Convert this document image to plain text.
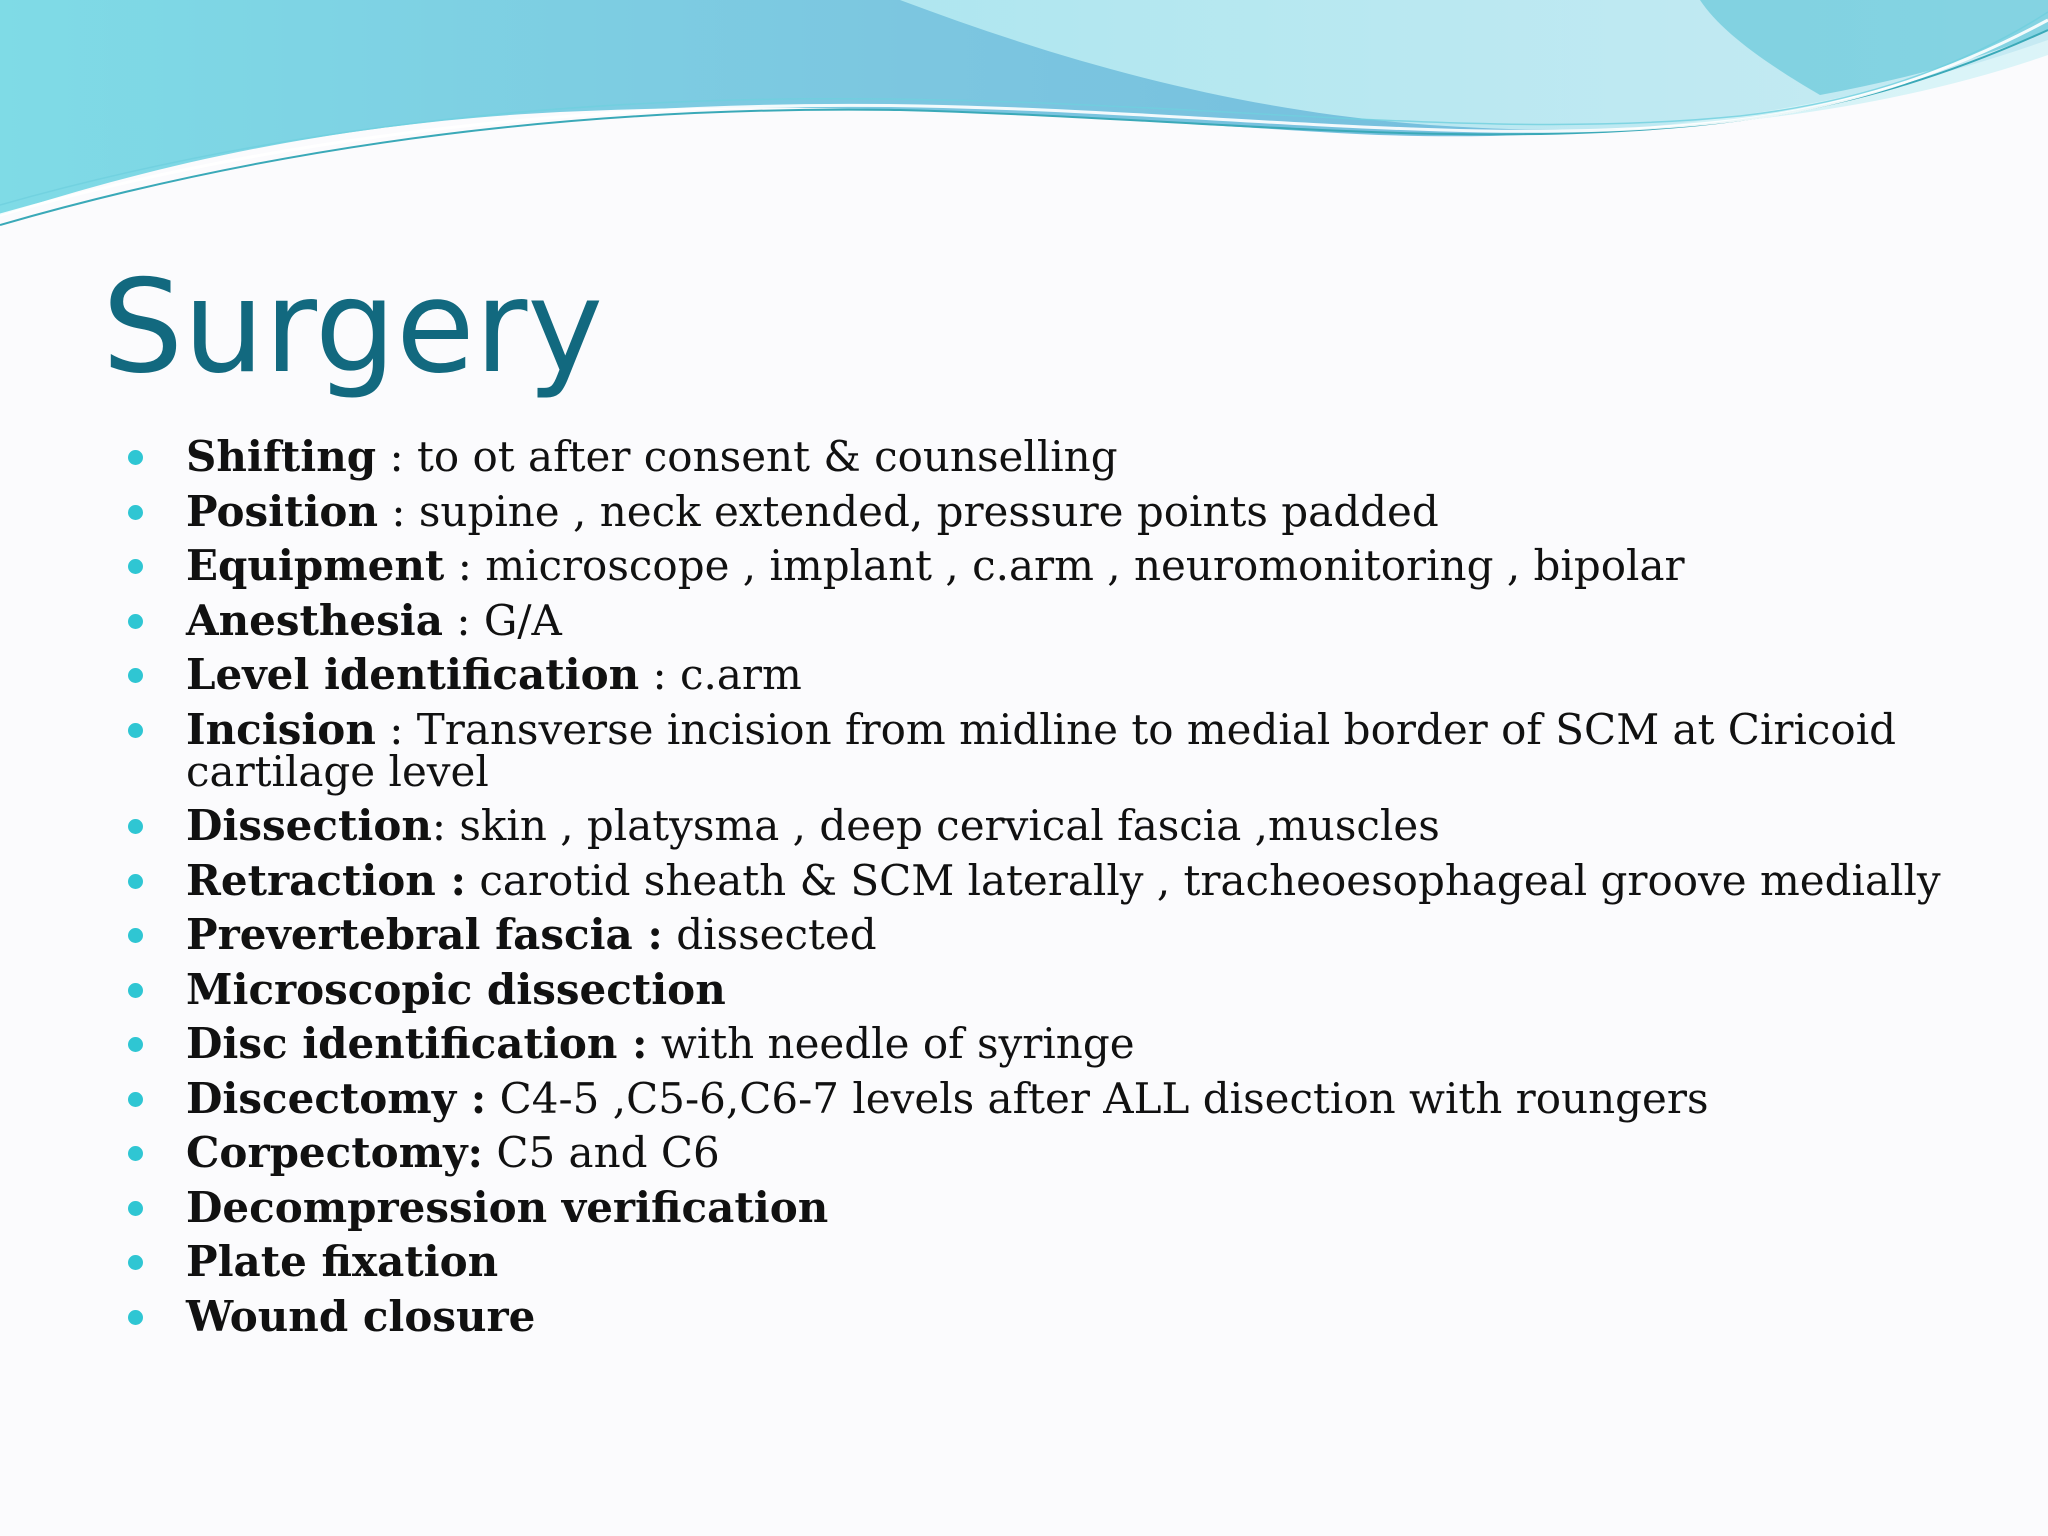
Surgery
Shifting : to ot after consent & counselling
Position : supine , neck extended, pressure points padded
Equipment : microscope , implant , c.arm , neuromonitoring , bipolar
Anesthesia : G/A
Level identification : c.arm
Incision : Transverse incision from midline to medial border of SCM at Ciricoid cartilage level
Dissection: skin , platysma , deep cervical fascia ,muscles
Retraction : carotid sheath & SCM laterally , tracheoesophageal groove medially
Prevertebral fascia : dissected
Microscopic dissection
Disc identification : with needle of syringe
Discectomy : C4-5 ,C5-6,C6-7 levels after ALL disection with roungers
Corpectomy: C5 and C6
Decompression verification
Plate fixation
Wound closure
